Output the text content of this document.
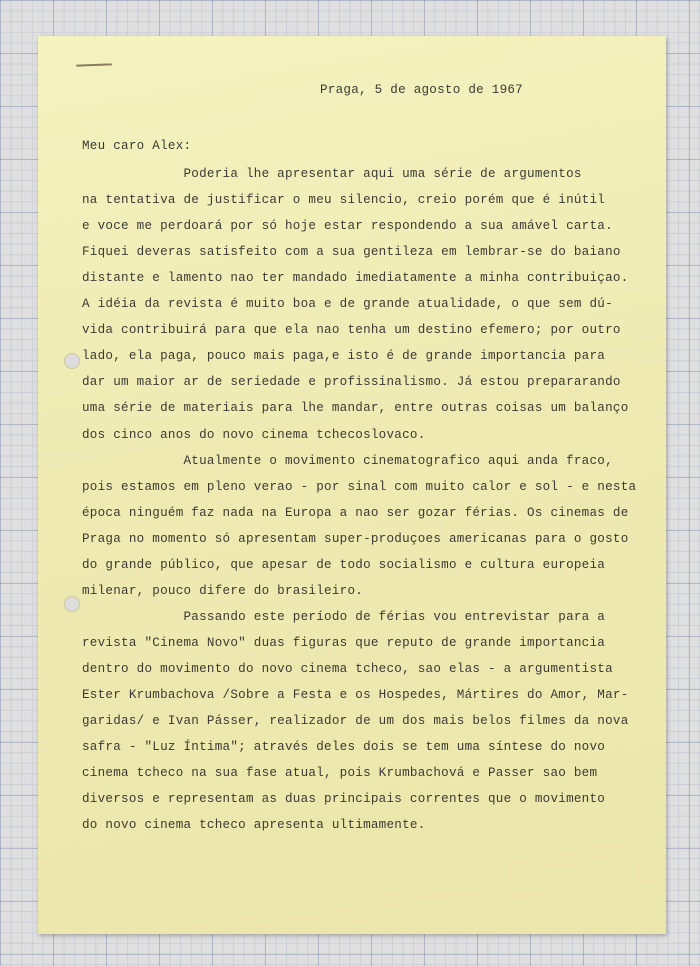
Praga, 5 de agosto de 1967
Meu caro Alex:
Poderia lhe apresentar aqui uma série de argumentos
na tentativa de justificar o meu silencio, creio porém que é inútil
e voce me perdoará por só hoje estar respondendo a sua amável carta.
Fiquei deveras satisfeito com a sua gentileza em lembrar-se do baiano
distante e lamento nao ter mandado imediatamente a minha contribuiçao.
A idéia da revista é muito boa e de grande atualidade, o que sem dú-
vida contribuirá para que ela nao tenha um destino efemero; por outro
lado, ela paga, pouco mais paga,e isto é de grande importancia para
dar um maior ar de seriedade e profissinalismo. Já estou prepararando
uma série de materiais para lhe mandar, entre outras coisas um balanço
dos cinco anos do novo cinema tchecoslovaco.
Atualmente o movimento cinematografico aqui anda fraco,
pois estamos em pleno verao - por sinal com muito calor e sol - e nesta
época ninguém faz nada na Europa a nao ser gozar férias. Os cinemas de
Praga no momento só apresentam super-produçoes americanas para o gosto
do grande público, que apesar de todo socialismo e cultura europeia
milenar, pouco difere do brasileiro.
Passando este período de férias vou entrevistar para a
revista "Cinema Novo" duas figuras que reputo de grande importancia
dentro do movimento do novo cinema tcheco, sao elas - a argumentista
Ester Krumbachova /Sobre a Festa e os Hospedes, Mártires do Amor, Mar-
garidas/ e Ivan Pásser, realizador de um dos mais belos filmes da nova
safra - "Luz Íntima"; através deles dois se tem uma síntese do novo
cinema tcheco na sua fase atual, pois Krumbachová e Passer sao bem
diversos e representam as duas principais correntes que o movimento
do novo cinema tcheco apresenta ultimamente.
